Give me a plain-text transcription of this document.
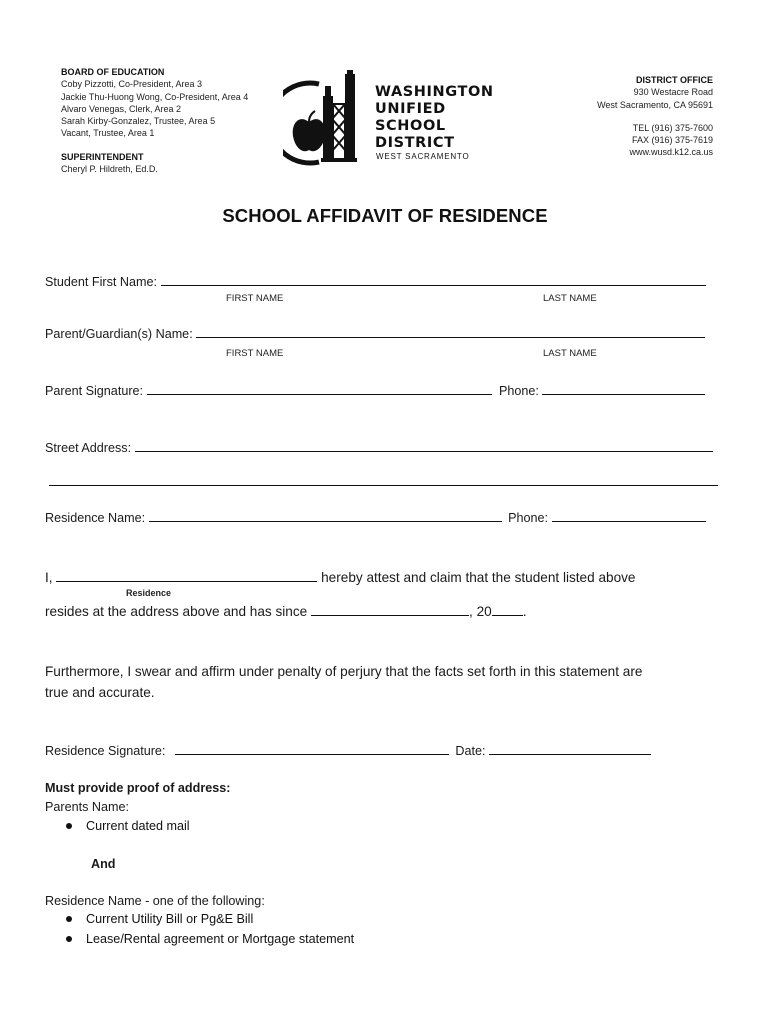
BOARD OF EDUCATION
Coby Pizzotti, Co-President, Area 3
Jackie Thu-Huong Wong, Co-President, Area 4
Alvaro Venegas, Clerk, Area 2
Sarah Kirby-Gonzalez, Trustee, Area 5
Vacant, Trustee, Area 1
SUPERINTENDENT
Cheryl P. Hildreth, Ed.D.
WASHINGTON
UNIFIED
SCHOOL
DISTRICT
WEST SACRAMENTO
DISTRICT OFFICE
930 Westacre Road
West Sacramento, CA 95691
TEL (916) 375-7600
FAX (916) 375-7619
www.wusd.k12.ca.us
SCHOOL AFFIDAVIT OF RESIDENCE
Student First Name:
FIRST NAME	LAST NAME
Parent/Guardian(s) Name:
FIRST NAME	LAST NAME
Parent Signature:	Phone:
Street Address:
Residence Name:	Phone:
I,	hereby attest and claim that the student listed above
Residence
resides at the address above and has since	, 20 .
Furthermore, I swear and affirm under penalty of perjury that the facts set forth in this statement are
true and accurate.
Residence Signature:	Date:
Must provide proof of address:
Parents Name:
Current dated mail
And
Residence Name - one of the following:
Current Utility Bill or Pg&E Bill
Lease/Rental agreement or Mortgage statement
